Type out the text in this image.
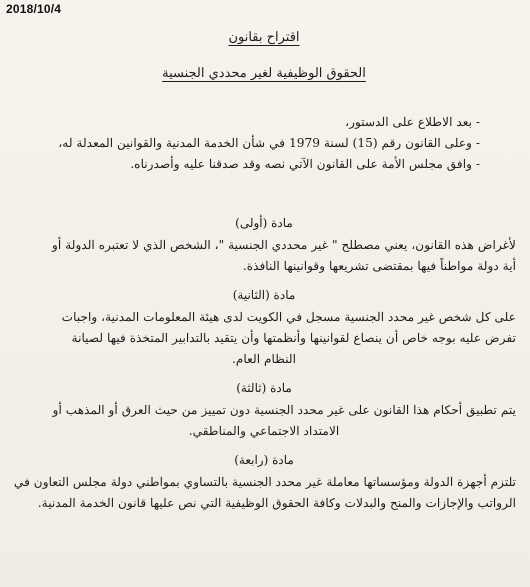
2018/10/4
اقتراح بقانون
الحقوق الوظيفية لغير محددي الجنسية
- بعد الاطلاع على الدستور،
- وعلى القانون رقم (15) لسنة 1979 في شأن الخدمة المدنية والقوانين المعدلة له،
- وافق مجلس الأمة على القانون الآتي نصه وقد صدقنا عليه وأصدرناه.
مادة (أولى)
لأغراض هذه القانون، يعني مصطلح " غير محددي الجنسية "، الشخص الذي لا تعتبره الدولة أو
أية دولة مواطناً فيها بمقتضى تشريعها وقوانينها النافذة.
مادة (الثانية)
على كل شخص غير محدد الجنسية مسجل في الكويت لدى هيئة المعلومات المدنية، واجبات
تفرض عليه بوجه خاص أن ينصاع لقوانينها وأنظمتها وأن يتقيد بالتدابير المتخذة فيها لصيانة
النظام العام.
مادة (ثالثة)
يتم تطبيق أحكام هذا القانون على غير محدد الجنسية دون تمييز من حيث العرق أو المذهب أو
الامتداد الاجتماعي والمناطقي.
مادة (رابعة)
تلتزم أجهزة الدولة ومؤسساتها معاملة غير محدد الجنسية بالتساوي بمواطني دولة مجلس التعاون في
الرواتب والإجازات والمنح والبدلات وكافة الحقوق الوظيفية التي نص عليها قانون الخدمة المدنية.
